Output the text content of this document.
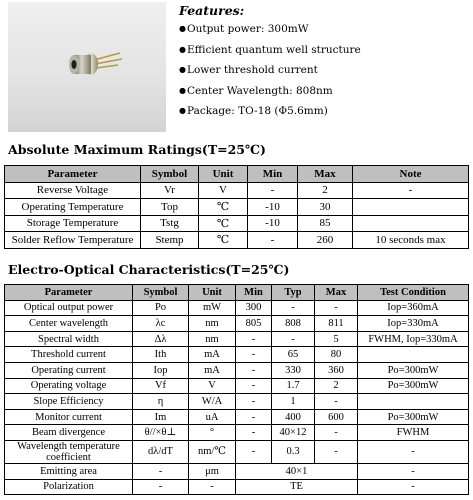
Features:
●Output power: 300mW
●Efficient quantum well structure
●Lower threshold current
●Center Wavelength: 808nm
●Package: TO-18 (Φ5.6mm)
Absolute Maximum Ratings(T=25℃)
Parameter	Symbol	Unit	Min	Max	Note
Reverse Voltage	Vr	V	-	2	-
Operating Temperature	Top	℃	-10	30	
Storage Temperature	Tstg	℃	-10	85	
Solder Reflow Temperature	Stemp	℃	-	260	10 seconds max
Electro-Optical Characteristics(T=25℃)
Parameter	Symbol	Unit	Min	Typ	Max	Test Condition
Optical output power	Po	mW	300	-	-	Iop=360mA
Center wavelength	λc	nm	805	808	811	Iop=330mA
Spectral width	Δλ	nm	-	-	5	FWHM, Iop=330mA
Threshold current	Ith	mA	-	65	80	
Operating current	Iop	mA	-	330	360	Po=300mW
Operating voltage	Vf	V	-	1.7	2	Po=300mW
Slope Efficiency	η	W/A	-	1	-	
Monitor current	Im	uA	-	400	600	Po=300mW
Beam divergence	θ//×θ⊥	°	-	40×12	-	FWHM
Wavelength temperature coefficient	dλ/dT	nm/℃	-	0.3	-	-
Emitting area	-	μm	40×1			-
Polarization	-	-	TE			-
